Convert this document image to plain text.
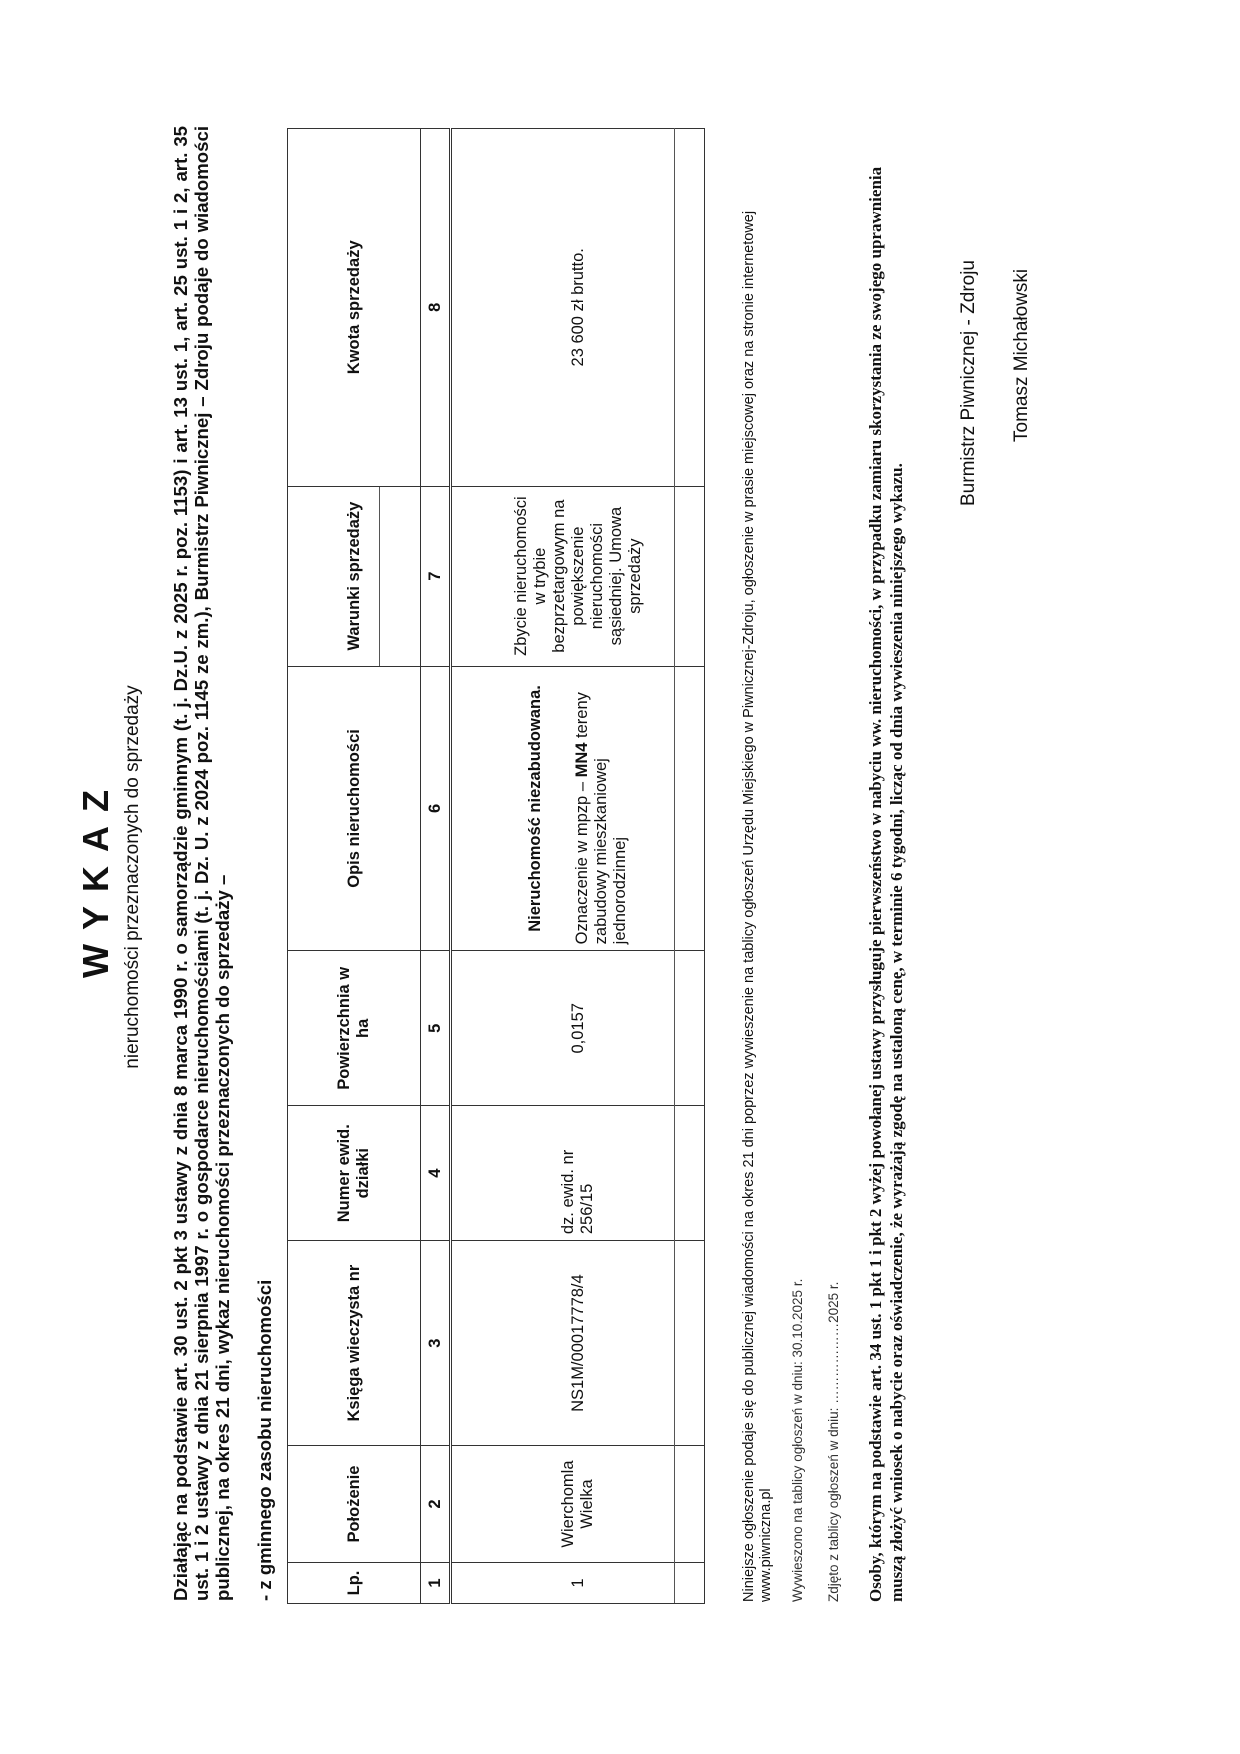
WYKAZ nieruchomości przeznaczonych do sprzedaży Działając na podstawie art. 30 ust. 2 pkt 3 ustawy z dnia 8 marca 1990 r. o samorządzie gminnym (t. j. Dz.U. z 2025 r. poz. 1153) i art. 13 ust. 1, art. 25 ust. 1 i 2, art. 35 ust. 1 i 2 ustawy z dnia 21 sierpnia 1997 r. o gospodarce nieruchomościami (t. j. Dz. U. z 2024 poz. 1145 ze zm.), Burmistrz Piwnicznej – Zdroju podaje do wiadomości publicznej, na okres 21 dni, wykaz nieruchomości przeznaczonych do sprzedaży – - z gminnego zasobu nieruchomości	Lp.	Położenie	Księga wieczysta nr	Numer ewid. działki	Powierzchnia w ha	Opis nieruchomości	Warunki sprzedaży	Kwota sprzedaży
1	2	3	4	5	6	7	8
1	Wierchomla Wielka	NS1M/00017778/4	dz. ewid. nr 256/15	0,0157	Nieruchomość niezabudowana. Oznaczenie w mpzp – MN4 tereny zabudowy mieszkaniowej jednorodzinnej	Zbycie nieruchomości w trybie bezprzetargowym na powiększenie nieruchomości sąsiedniej. Umowa sprzedaży	23 600 zł brutto.	Niniejsze ogłoszenie podaje się do publicznej wiadomości na okres 21 dni poprzez wywieszenie na tablicy ogłoszeń Urzędu Miejskiego w Piwnicznej-Zdroju, ogłoszenie w prasie miejscowej oraz na stronie internetowej www.piwniczna.pl Wywieszono na tablicy ogłoszeń w dniu: 30.10.2025 r. Zdjęto z tablicy ogłoszeń w dniu: ………………2025 r. Osoby, którym na podstawie art. 34 ust. 1 pkt 1 i pkt 2 wyżej powołanej ustawy przysługuje pierwszeństwo w nabyciu ww. nieruchomości, w przypadku zamiaru skorzystania ze swojego uprawnienia muszą złożyć wniosek o nabycie oraz oświadczenie, że wyrażają zgodę na ustaloną cenę, w terminie 6 tygodni, licząc od dnia wywieszenia niniejszego wykazu.
Burmistrz Piwnicznej - Zdroju Tomasz Michałowski
